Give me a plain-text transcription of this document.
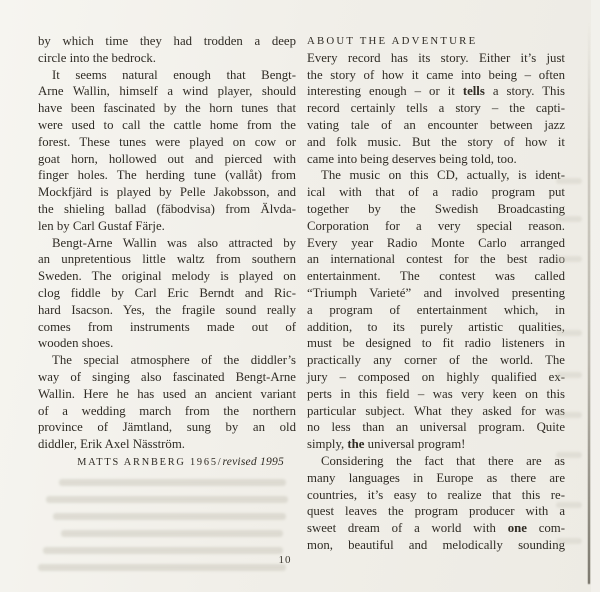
by which time they had trodden a deep
circle into the bedrock.
It seems natural enough that Bengt-
Arne Wallin, himself a wind player, should
have been fascinated by the horn tunes that
were used to call the cattle home from the
forest. These tunes were played on cow or
goat horn, hollowed out and pierced with
finger holes. The herding tune (vallåt) from
Mockfjärd is played by Pelle Jakobsson, and
the shieling ballad (fäbodvisa) from Älvda-
len by Carl Gustaf Färje.
Bengt-Arne Wallin was also attracted by
an unpretentious little waltz from southern
Sweden. The original melody is played on
clog fiddle by Carl Eric Berndt and Ric-
hard Isacson. Yes, the fragile sound really
comes from instruments made out of
wooden shoes.
The special atmosphere of the diddler’s
way of singing also fascinated Bengt-Arne
Wallin. Here he has used an ancient variant
of a wedding march from the northern
province of Jämtland, sung by an old
diddler, Erik Axel Näsström.
MATTS ARNBERG 1965/revised 1995
ABOUT THE ADVENTURE
Every record has its story. Either it’s just
the story of how it came into being – often
interesting enough – or it tells a story. This
record certainly tells a story – the capti-
vating tale of an encounter between jazz
and folk music. But the story of how it
came into being deserves being told, too.
The music on this CD, actually, is ident-
ical with that of a radio program put
together by the Swedish Broadcasting
Corporation for a very special reason.
Every year Radio Monte Carlo arranged
an international contest for the best radio
entertainment. The contest was called
“Triumph Varieté” and involved presenting
a program of entertainment which, in
addition, to its purely artistic qualities,
must be designed to fit radio listeners in
practically any corner of the world. The
jury – composed on highly qualified ex-
perts in this field – was very keen on this
particular subject. What they asked for was
no less than an universal program. Quite
simply, the universal program!
Considering the fact that there are as
many languages in Europe as there are
countries, it’s easy to realize that this re-
quest leaves the program producer with a
sweet dream of a world with one com-
mon, beautiful and melodically sounding
10
